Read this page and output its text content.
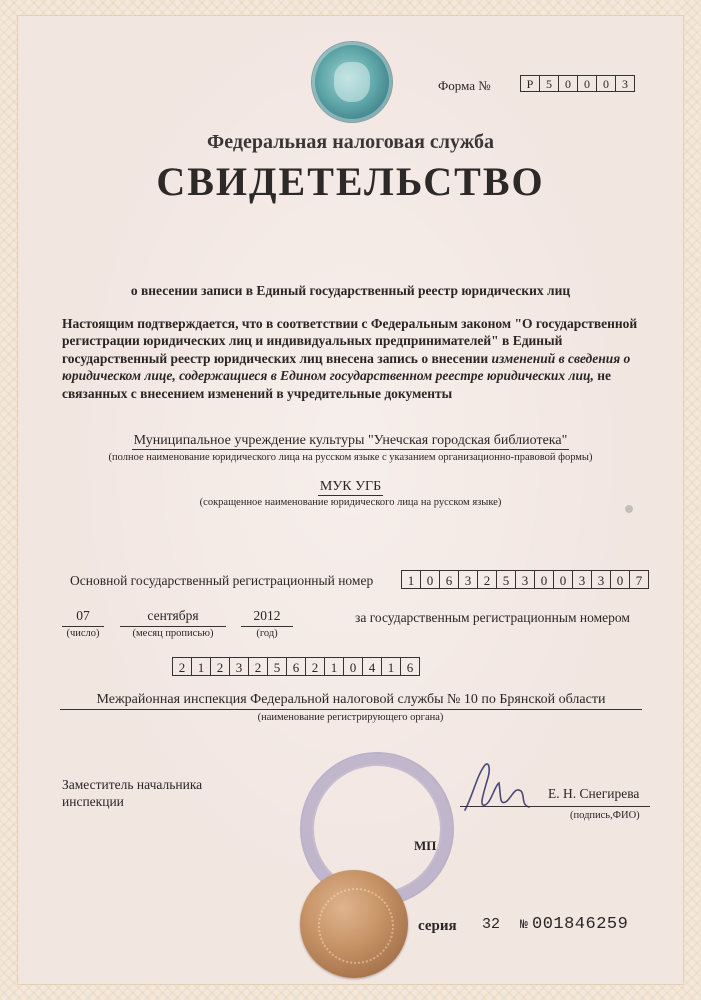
Форма №	Р	5	0	0	0	3
Федеральная налоговая служба
СВИДЕТЕЛЬСТВО
о внесении записи в Единый государственный реестр юридических лиц
Настоящим подтверждается, что в соответствии с Федеральным законом "О государственной регистрации юридических лиц и индивидуальных предпринимателей" в Единый государственный реестр юридических лиц внесена запись о внесении изменений в сведения о юридическом лице, содержащиеся в Едином государственном реестре юридических лиц, не связанных с внесением изменений в учредительные документы
Муниципальное учреждение культуры "Унечская городская библиотека"
(полное наименование юридического лица на русском языке с указанием организационно-правовой формы)
МУК УГБ
(сокращенное наименование юридического лица на русском языке)
Основной государственный регистрационный номер	1 0 6 3 2 5 3 0 0 3 3 0 7
07
(число)
сентября
(месяц прописью)
2012
(год)
за государственным регистрационным номером
2 1 2 3 2 5 6 2 1 0 4 1 6
Межрайонная инспекция Федеральной налоговой службы № 10 по Брянской области
(наименование регистрирующего органа)
Заместитель начальника инспекции
Е. Н. Снегирева
(подпись,ФИО)
МП
серия 32 № 001846259
